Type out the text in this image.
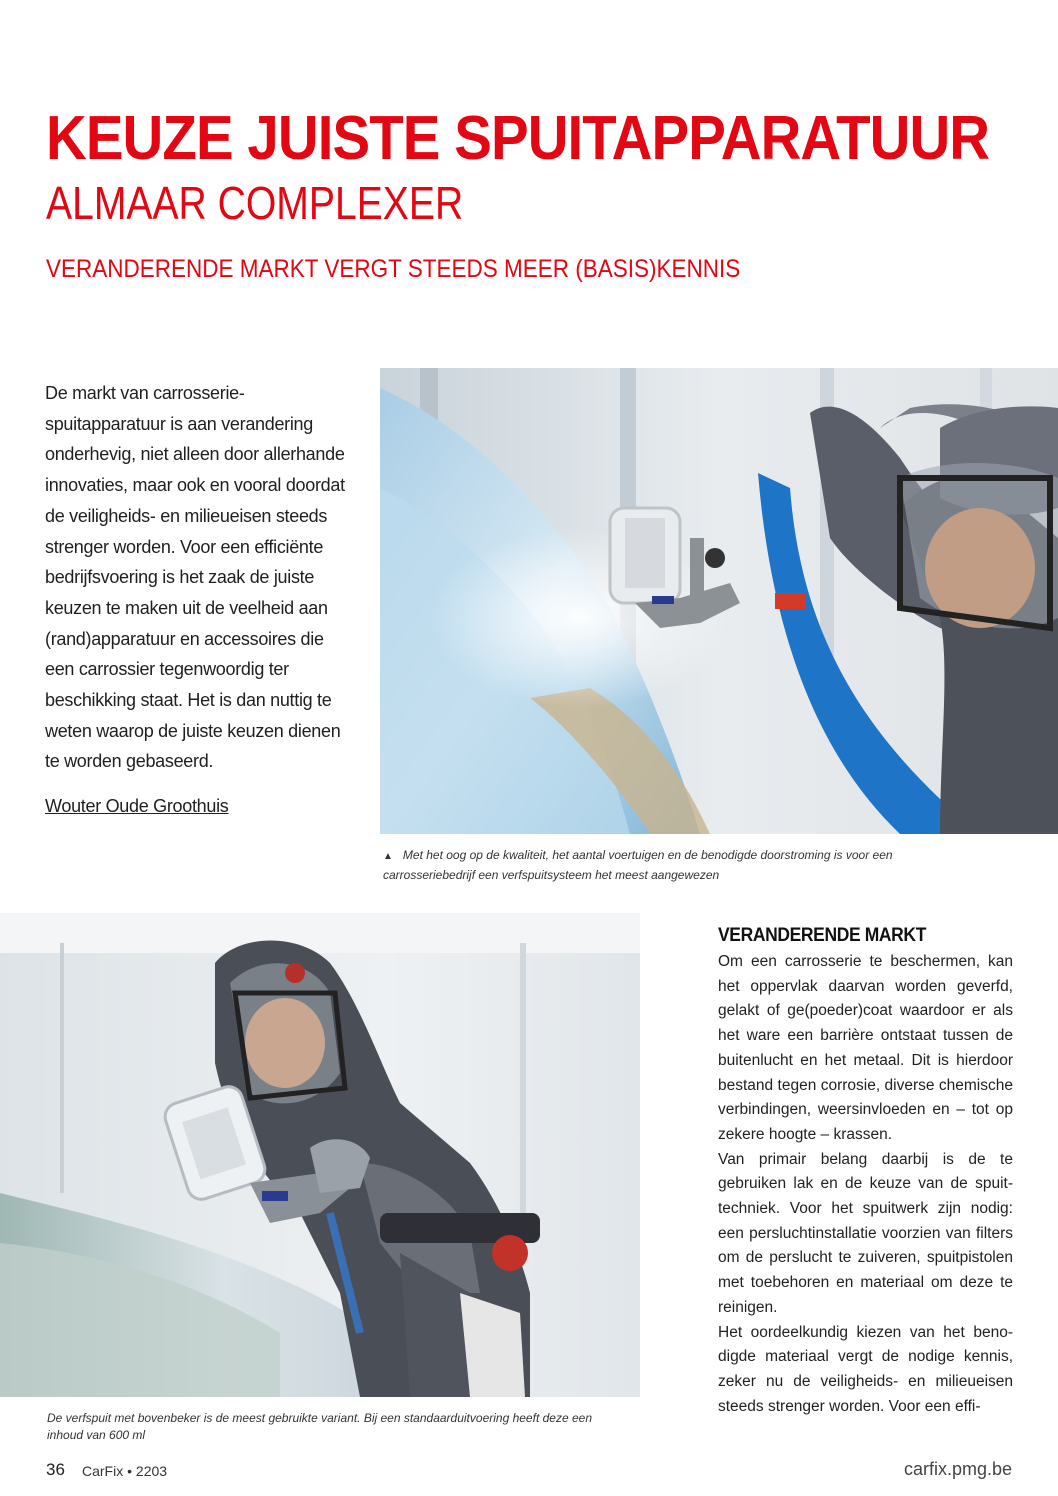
KEUZE JUISTE SPUITAPPARATUUR
ALMAAR COMPLEXER
VERANDERENDE MARKT VERGT STEEDS MEER (BASIS)KENNIS
De markt van carrosserie-
spuitapparatuur is aan verandering
onderhevig, niet alleen door allerhande
innovaties, maar ook en vooral doordat
de veiligheids- en milieueisen steeds
strenger worden. Voor een efficiënte
bedrijfsvoering is het zaak de juiste
keuzen te maken uit de veelheid aan
(rand)apparatuur en accessoires die
een carrossier tegenwoordig ter
beschikking staat. Het is dan nuttig te
weten waarop de juiste keuzen dienen
te worden gebaseerd.
Wouter Oude Groothuis
▲ Met het oog op de kwaliteit, het aantal voertuigen en de benodigde doorstroming is voor een carrosseriebedrijf een verfspuitsysteem het meest aangewezen
De verfspuit met bovenbeker is de meest gebruikte variant. Bij een standaarduitvoering heeft deze een inhoud van 600 ml
VERANDERENDE MARKT

Om een carrosserie te beschermen, kan het oppervlak daarvan worden geverfd, gelakt of ge(poeder)coat waardoor er als het ware een barrière ontstaat tussen de buitenlucht en het metaal. Dit is hierdoor bestand tegen corrosie, diverse chemische verbindingen, weersinvloeden en – tot op zekere hoogte – krassen.

Van primair belang daarbij is de te gebruiken lak en de keuze van de spuittechniek. Voor het spuitwerk zijn nodig: een persluchtinstallatie voorzien van filters om de perslucht te zuiveren, spuitpistolen met toebehoren en materiaal om deze te reinigen.

Het oordeelkundig kiezen van het benodigde materiaal vergt de nodige kennis, zeker nu de veiligheids- en milieueisen steeds strenger worden. Voor een effi-

36 CarFix • 2203	carfix.pmg.be
